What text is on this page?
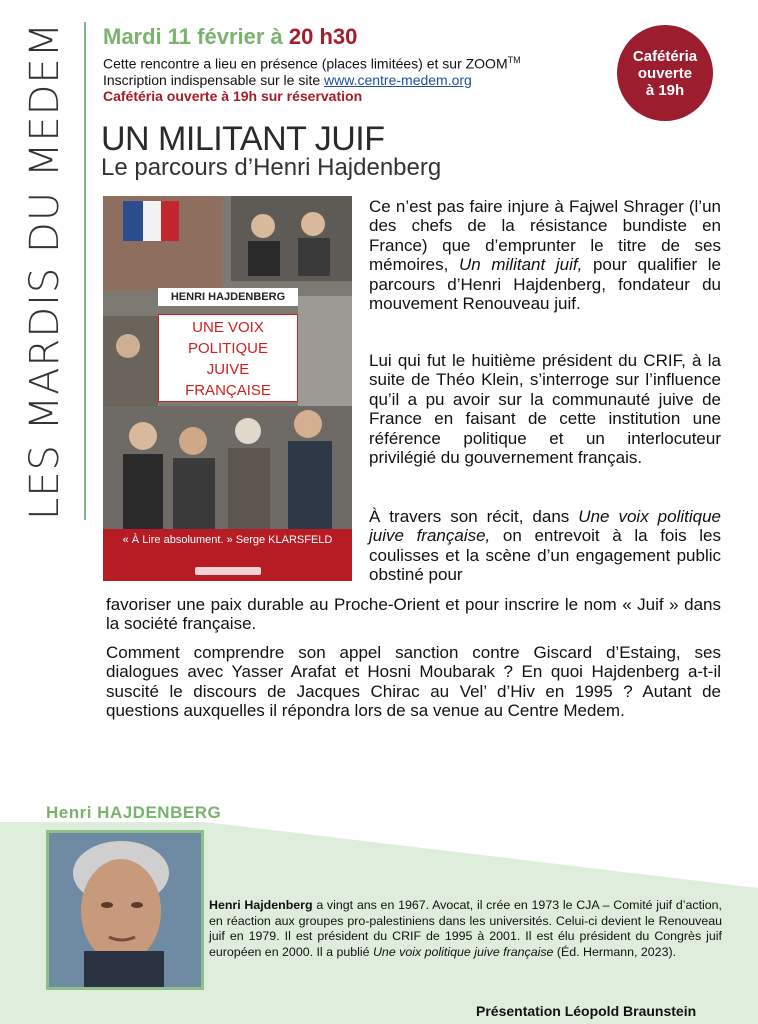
LES MARDIS DU MEDEM	Mardi 11 février à 20 h30
Cette rencontre a lieu en présence (places limitées) et sur ZOOM™
Inscription indispensable sur le site www.centre-medem.org
Cafétéria ouverte à 19h sur réservation
Cafétéria
ouverte
à 19h
UN MILITANT JUIF
Le parcours d’Henri Hajdenberg
HENRI HAJDENBERG
UNE VOIX
POLITIQUE
JUIVE
FRANÇAISE
« À Lire absolument. » Serge KLARSFELD
Ce n’est pas faire injure à Fajwel Shrager (l’un des chefs de la résistance bundiste en France) que d’emprunter le titre de ses mémoires, Un militant juif, pour qualifier le parcours d’Henri Hajdenberg, fondateur du mouvement Renouveau juif.
Lui qui fut le huitième président du CRIF, à la suite de Théo Klein, s’interroge sur l’influence qu’il a pu avoir sur la communauté juive de France en faisant de cette institution une référence politique et un interlocuteur privilégié du gouvernement français.
À travers son récit, dans Une voix politique juive française, on entrevoit à la fois les coulisses et la scène d’un engagement public obstiné pour
favoriser une paix durable au Proche-Orient et pour inscrire le nom « Juif » dans la société française.
Comment comprendre son appel sanction contre Giscard d’Estaing, ses dialogues avec Yasser Arafat et Hosni Moubarak ? En quoi Hajdenberg a-t-il suscité le discours de Jacques Chirac au Vel’ d’Hiv en 1995 ? Autant de questions auxquelles il répondra lors de sa venue au Centre Medem.
Henri HAJDENBERG
Henri Hajdenberg a vingt ans en 1967. Avocat, il crée en 1973 le CJA – Comité juif d’action, en réaction aux groupes pro-palestiniens dans les universités. Celui-ci devient le Renouveau juif en 1979. Il est président du CRIF de 1995 à 2001. Il est élu président du Congrès juif européen en 2000. Il a publié Une voix politique juive française (Éd. Hermann, 2023).
Présentation Léopold Braunstein
